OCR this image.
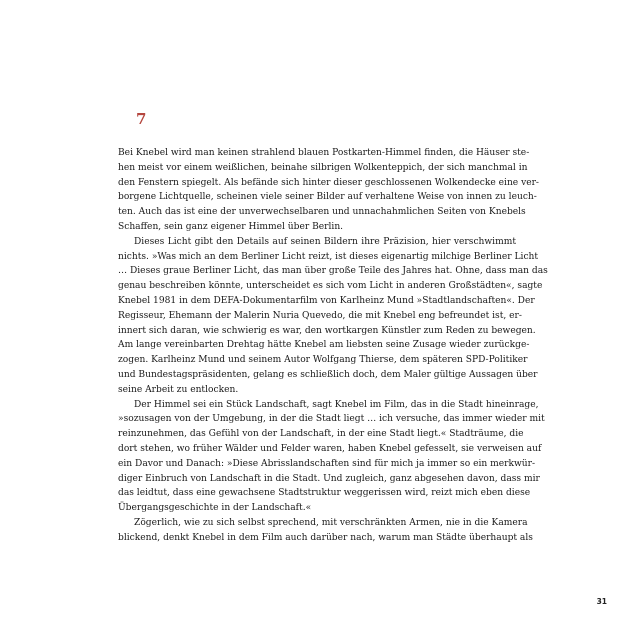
7

Bei Knebel wird man keinen strahlend blauen Postkarten-Himmel finden, die Häuser ste-
hen meist vor einem weißlichen, beinahe silbrigen Wolkenteppich, der sich manchmal in
den Fenstern spiegelt. Als befände sich hinter dieser geschlossenen Wolkendecke eine ver-
borgene Lichtquelle, scheinen viele seiner Bilder auf verhaltene Weise von innen zu leuch-
ten. Auch das ist eine der unverwechselbaren und unnachahmlichen Seiten von Knebels
Schaffen, sein ganz eigener Himmel über Berlin.

Dieses Licht gibt den Details auf seinen Bildern ihre Präzision, hier verschwimmt
nichts. »Was mich an dem Berliner Licht reizt, ist dieses eigenartig milchige Berliner Licht
… Dieses graue Berliner Licht, das man über große Teile des Jahres hat. Ohne, dass man das
genau beschreiben könnte, unterscheidet es sich vom Licht in anderen Großstädten«, sagte
Knebel 1981 in dem DEFA-Dokumentarfilm von Karlheinz Mund »Stadtlandschaften«. Der
Regisseur, Ehemann der Malerin Nuria Quevedo, die mit Knebel eng befreundet ist, er-
innert sich daran, wie schwierig es war, den wortkargen Künstler zum Reden zu bewegen.
Am lange vereinbarten Drehtag hätte Knebel am liebsten seine Zusage wieder zurückge-
zogen. Karlheinz Mund und seinem Autor Wolfgang Thierse, dem späteren SPD-Politiker
und Bundestagspräsidenten, gelang es schließlich doch, dem Maler gültige Aussagen über
seine Arbeit zu entlocken.

Der Himmel sei ein Stück Landschaft, sagt Knebel im Film, das in die Stadt hineinrage,
»sozusagen von der Umgebung, in der die Stadt liegt … ich versuche, das immer wieder mit
reinzunehmen, das Gefühl von der Landschaft, in der eine Stadt liegt.« Stadträume, die
dort stehen, wo früher Wälder und Felder waren, haben Knebel gefesselt, sie verweisen auf
ein Davor und Danach: »Diese Abrisslandschaften sind für mich ja immer so ein merkwür-
diger Einbruch von Landschaft in die Stadt. Und zugleich, ganz abgesehen davon, dass mir
das leidtut, dass eine gewachsene Stadtstruktur weggerissen wird, reizt mich eben diese
Übergangsgeschichte in der Landschaft.«

Zögerlich, wie zu sich selbst sprechend, mit verschränkten Armen, nie in die Kamera
blickend, denkt Knebel in dem Film auch darüber nach, warum man Städte überhaupt als

31
